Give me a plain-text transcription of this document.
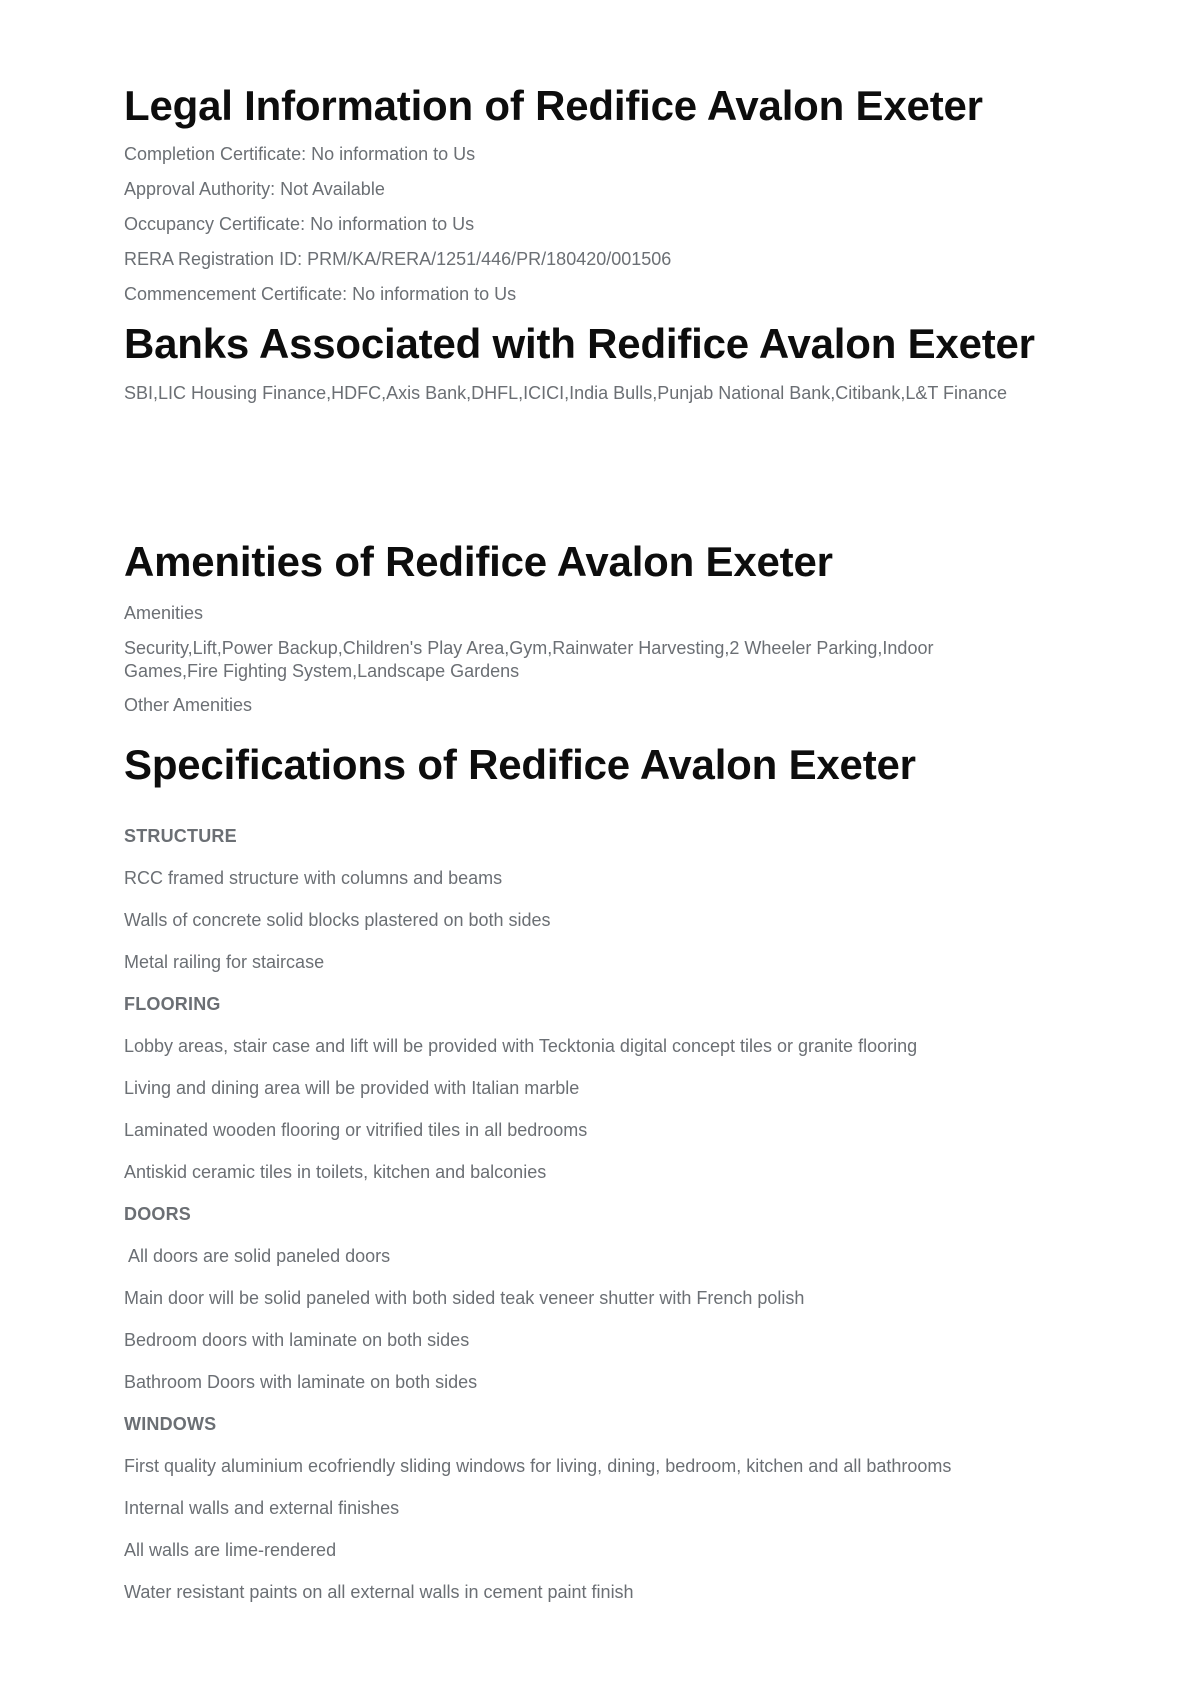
Legal Information of Redifice Avalon Exeter

Completion Certificate: No information to Us

Approval Authority: Not Available

Occupancy Certificate: No information to Us

RERA Registration ID: PRM/KA/RERA/1251/446/PR/180420/001506

Commencement Certificate: No information to Us

Banks Associated with Redifice Avalon Exeter

SBI,LIC Housing Finance,HDFC,Axis Bank,DHFL,ICICI,India Bulls,Punjab National Bank,Citibank,L&T Finance

Amenities of Redifice Avalon Exeter

Amenities

Security,Lift,Power Backup,Children's Play Area,Gym,Rainwater Harvesting,2 Wheeler Parking,Indoor Games,Fire Fighting System,Landscape Gardens

Other Amenities

Specifications of Redifice Avalon Exeter

STRUCTURE

RCC framed structure with columns and beams

Walls of concrete solid blocks plastered on both sides

Metal railing for staircase

FLOORING

Lobby areas, stair case and lift will be provided with Tecktonia digital concept tiles or granite flooring

Living and dining area will be provided with Italian marble

Laminated wooden flooring or vitrified tiles in all bedrooms

Antiskid ceramic tiles in toilets, kitchen and balconies

DOORS

All doors are solid paneled doors

Main door will be solid paneled with both sided teak veneer shutter with French polish

Bedroom doors with laminate on both sides

Bathroom Doors with laminate on both sides

WINDOWS

First quality aluminium ecofriendly sliding windows for living, dining, bedroom, kitchen and all bathrooms

Internal walls and external finishes

All walls are lime-rendered

Water resistant paints on all external walls in cement paint finish
